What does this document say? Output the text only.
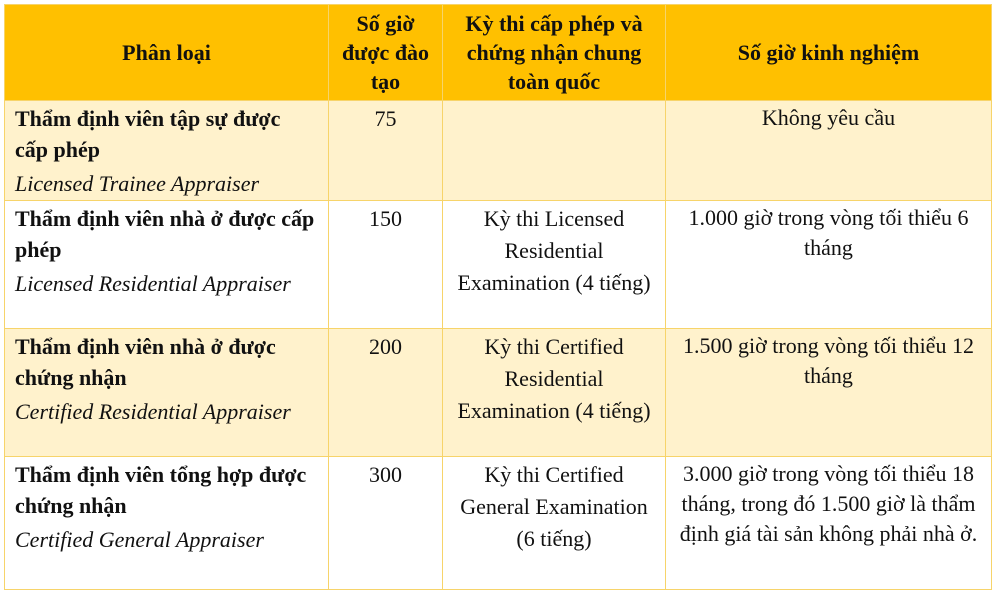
Phân loại	Số giờ được đào tạo	Kỳ thi cấp phép và chứng nhận chung toàn quốc	Số giờ kinh nghiệm

Thẩm định viên tập sự được cấp phép
Licensed Trainee Appraiser	75		Không yêu cầu

Thẩm định viên nhà ở được cấp phép
Licensed Residential Appraiser	150	Kỳ thi Licensed Residential Examination (4 tiếng)	1.000 giờ trong vòng tối thiểu 6 tháng

Thẩm định viên nhà ở được chứng nhận
Certified Residential Appraiser	200	Kỳ thi Certified Residential Examination (4 tiếng)	1.500 giờ trong vòng tối thiểu 12 tháng

Thẩm định viên tổng hợp được chứng nhận
Certified General Appraiser	300	Kỳ thi Certified General Examination (6 tiếng)	3.000 giờ trong vòng tối thiểu 18 tháng, trong đó 1.500 giờ là thẩm định giá tài sản không phải nhà ở.
